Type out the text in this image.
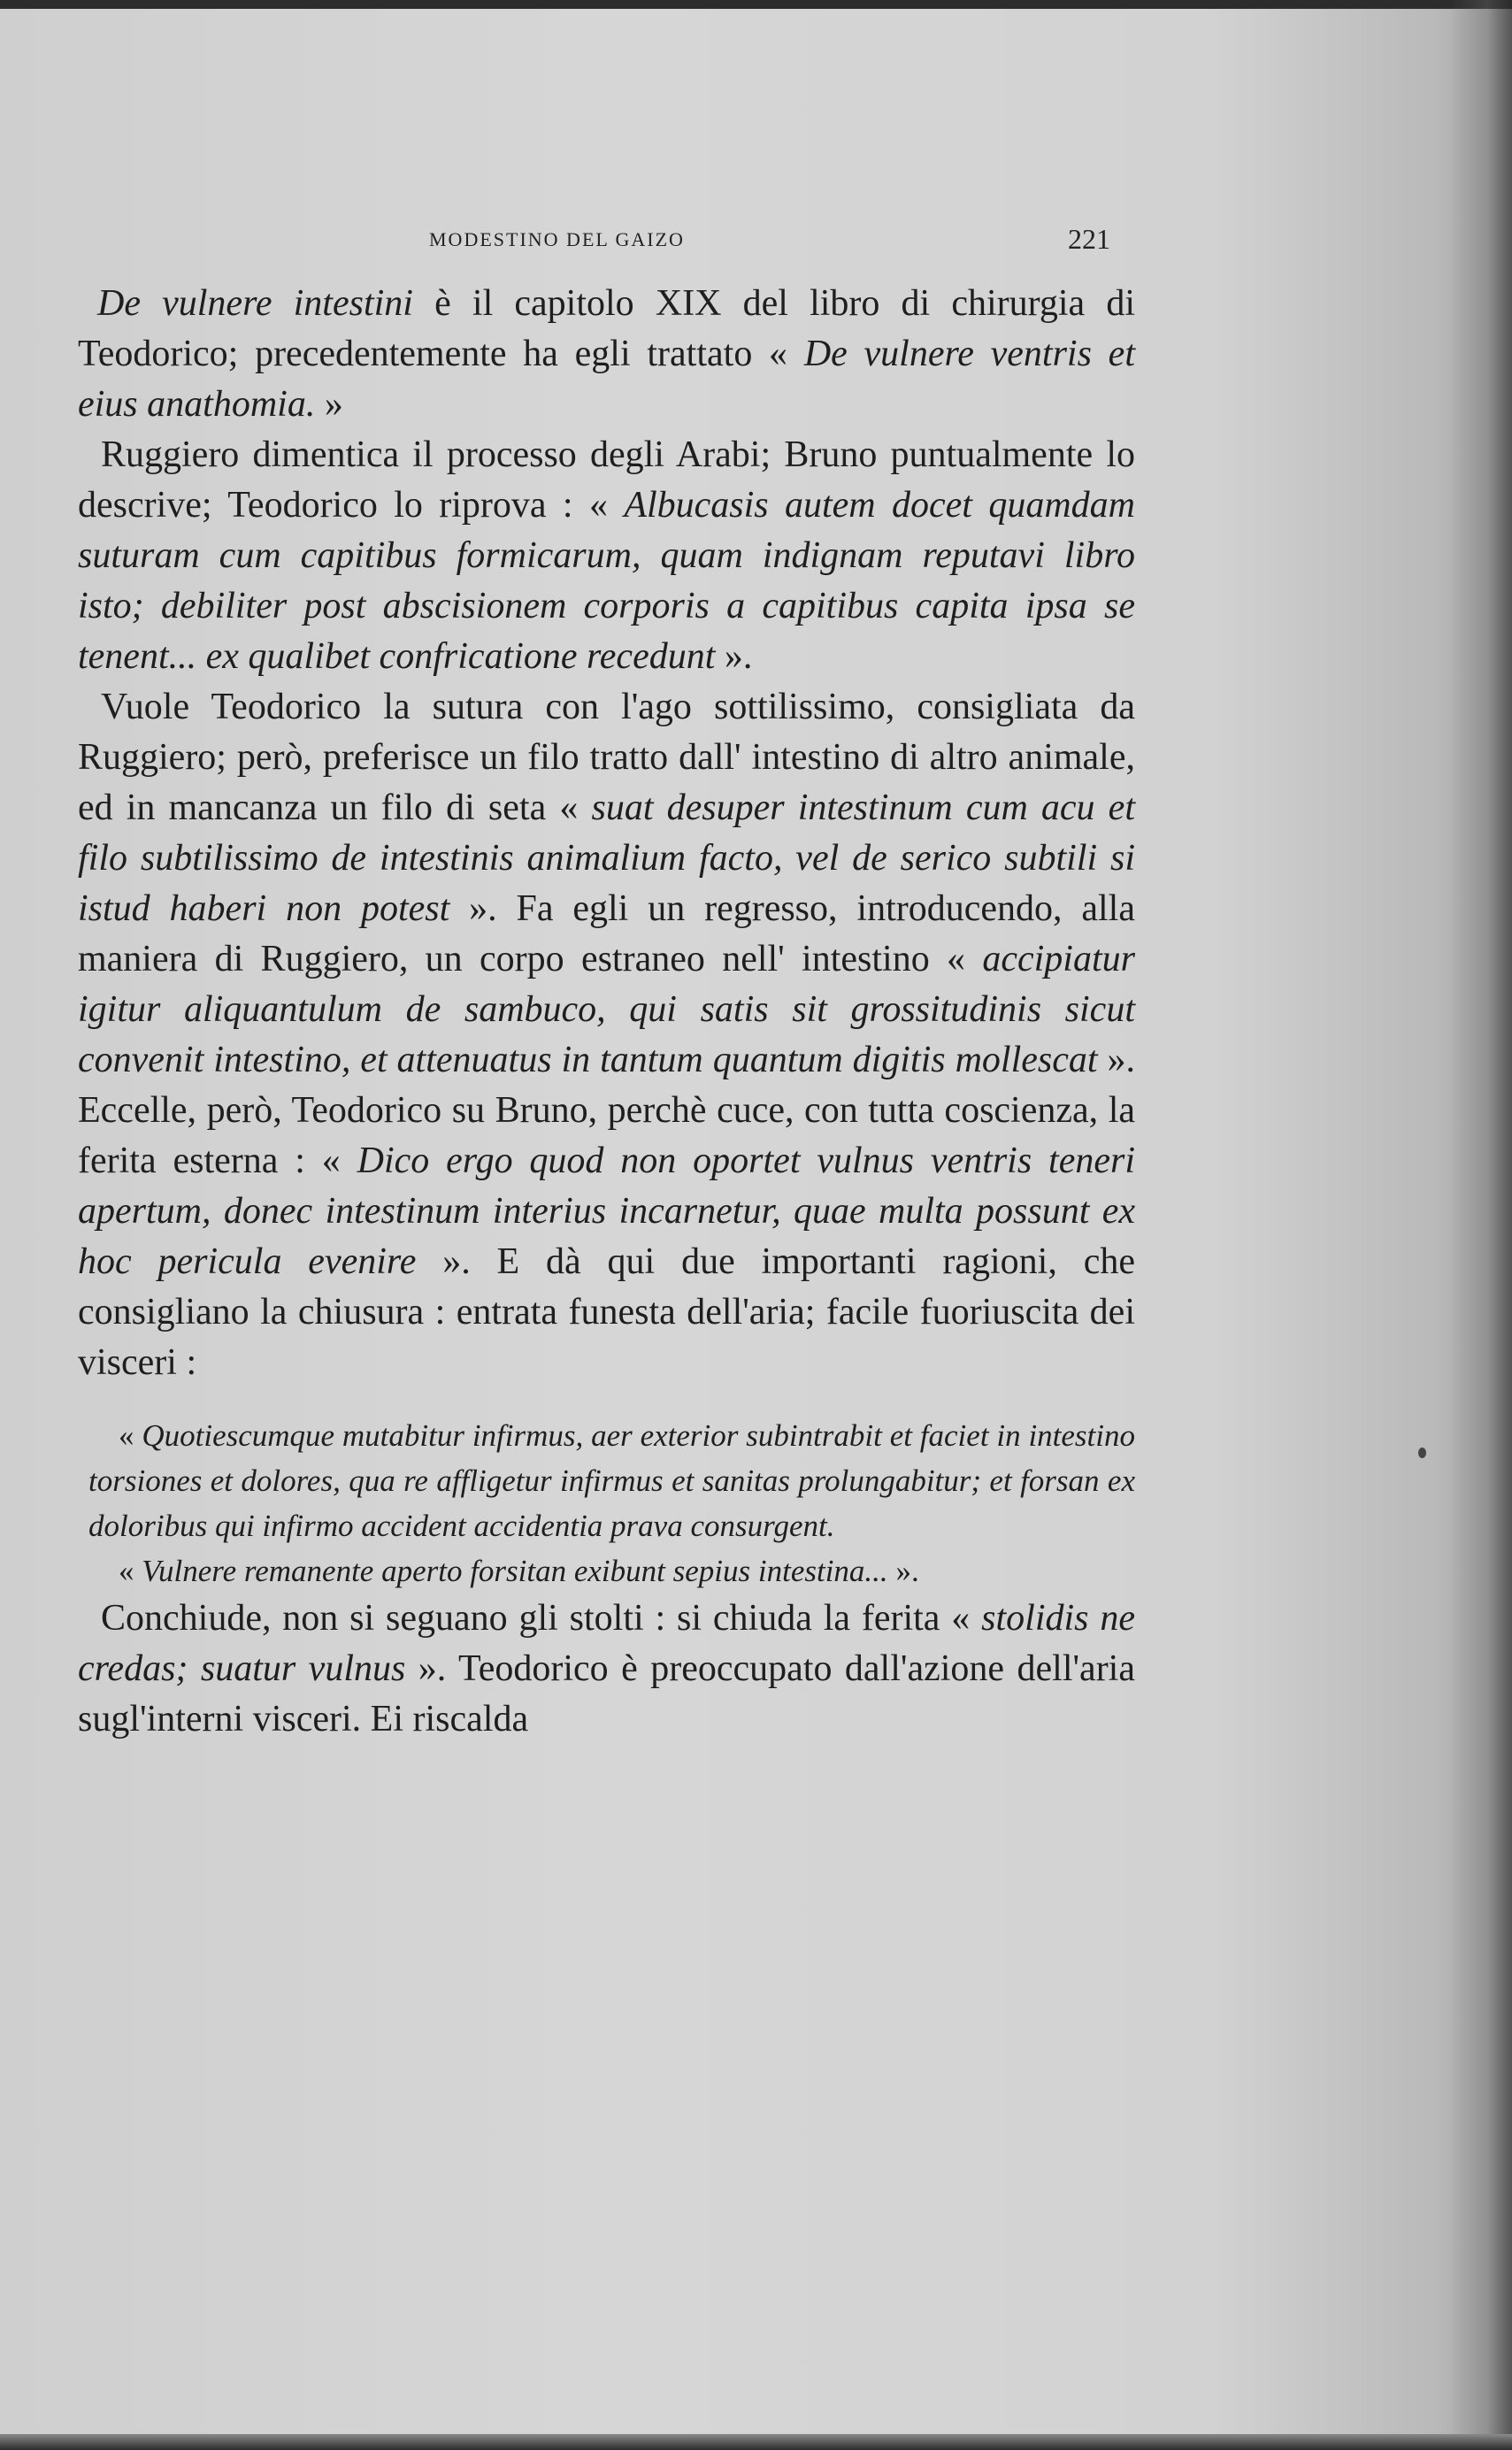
MODESTINO DEL GAIZO	221

De vulnere intestini è il capitolo XIX del libro di chirurgia di Teodorico; precedentemente ha egli trattato « De vulnere ventris et eius anathomia. »

Ruggiero dimentica il processo degli Arabi; Bruno puntualmente lo descrive; Teodorico lo riprova : « Albucasis autem docet quamdam suturam cum capitibus formicarum, quam indignam reputavi libro isto; debiliter post abscisionem corporis a capitibus capita ipsa se tenent... ex qualibet confricatione recedunt ».

Vuole Teodorico la sutura con l'ago sottilissimo, consigliata da Ruggiero; però, preferisce un filo tratto dall' intestino di altro animale, ed in mancanza un filo di seta « suat desuper intestinum cum acu et filo subtilissimo de intestinis animalium facto, vel de serico subtili si istud haberi non potest ». Fa egli un regresso, introducendo, alla maniera di Ruggiero, un corpo estraneo nell' intestino « accipiatur igitur aliquantulum de sambuco, qui satis sit grossitudinis sicut convenit intestino, et attenuatus in tantum quantum digitis mollescat ». Eccelle, però, Teodorico su Bruno, perchè cuce, con tutta coscienza, la ferita esterna : « Dico ergo quod non oportet vulnus ventris teneri apertum, donec intestinum interius incarnetur, quae multa possunt ex hoc pericula evenire ». E dà qui due importanti ragioni, che consigliano la chiusura : entrata funesta dell'aria; facile fuoriuscita dei visceri :

« Quotiescumque mutabitur infirmus, aer exterior subintrabit et faciet in intestino torsiones et dolores, qua re affligetur infirmus et sanitas prolungabitur; et forsan ex doloribus qui infirmo accident accidentia prava consurgent.

« Vulnere remanente aperto forsitan exibunt sepius intestina... ».

Conchiude, non si seguano gli stolti : si chiuda la ferita « stolidis ne credas; suatur vulnus ». Teodorico è preoccupato dall'azione dell'aria sugl'interni visceri. Ei riscalda
